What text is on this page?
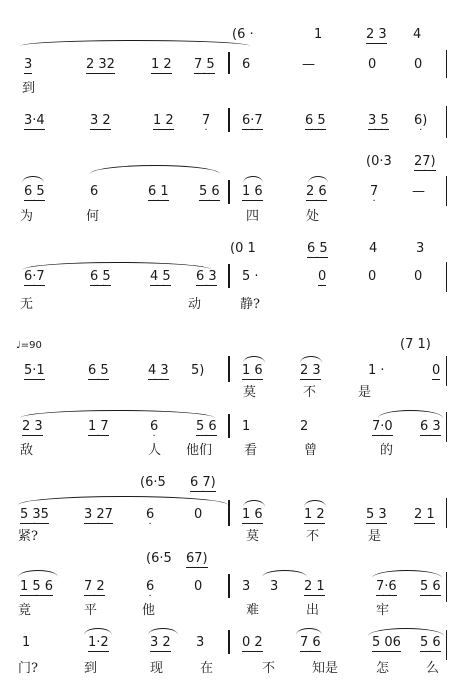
(6 ·	1	2 3 4
3	2 32	1 2 · 7 5 6	—	0	0
到
3·4	3 2	1 2 · 7 · 6·7	· · 6 5	· · 3 5 · 6)
(0·3 · 27)
· 6 5	6	· 6 1 · 5 6 1 6	· 2 6	· 7	—
为	何	四	处
(0 1	· 6 5	4	3
· 6·7	· · 6 5	· · 4 5 · 6 3 5 ·	0	0	0
无	动	静?
♩=90	(7 1)
5·1	· 6 5	· · 4 3 5)	1 6	2 3	1 ·	0
莫	不	是
2 3	· 1 7	· 6	· 5 6 1	2	· 7·0 · 6 3
敌	人 他们 看	曾	的
(6·5 · 6 7)
· 5 35	· 3 27	· 6	0	1 6	1 2	5 3 2 1
紧?	莫	不	是
(6·5 67)
· 1 5 6 · 7 2	· 6	0	3 3 2 1	· · 7·6 · 5 6
竟	平	他	难	出	牢
1	1·2	3 2 3	0 2	· 7 6	5 06 · 5 6
门?	到	现	在	不	知是	怎	么
